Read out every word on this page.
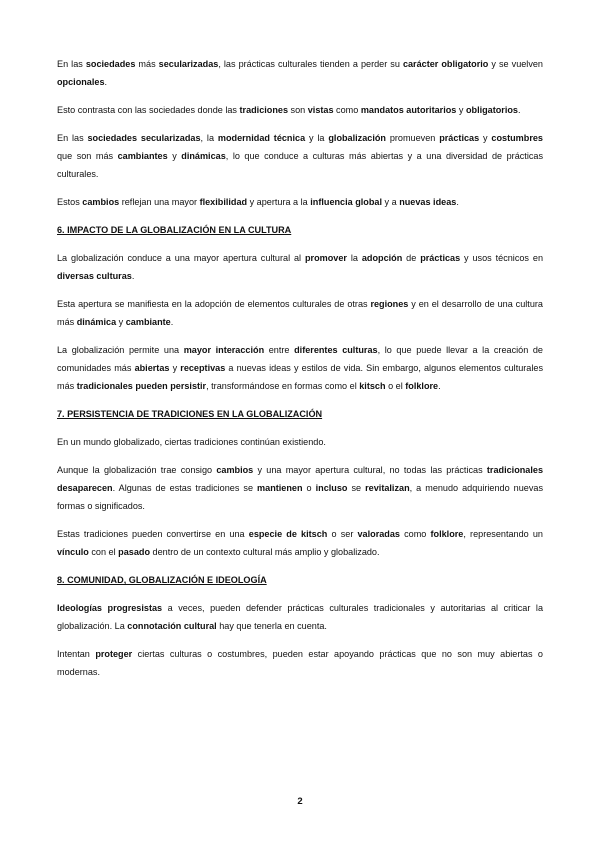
En las sociedades más secularizadas, las prácticas culturales tienden a perder su carácter obligatorio y se vuelven opcionales.

Esto contrasta con las sociedades donde las tradiciones son vistas como mandatos autoritarios y obligatorios.

En las sociedades secularizadas, la modernidad técnica y la globalización promueven prácticas y costumbres que son más cambiantes y dinámicas, lo que conduce a culturas más abiertas y a una diversidad de prácticas culturales.

Estos cambios reflejan una mayor flexibilidad y apertura a la influencia global y a nuevas ideas.

6. IMPACTO DE LA GLOBALIZACIÓN EN LA CULTURA

La globalización conduce a una mayor apertura cultural al promover la adopción de prácticas y usos técnicos en diversas culturas.

Esta apertura se manifiesta en la adopción de elementos culturales de otras regiones y en el desarrollo de una cultura más dinámica y cambiante.

La globalización permite una mayor interacción entre diferentes culturas, lo que puede llevar a la creación de comunidades más abiertas y receptivas a nuevas ideas y estilos de vida. Sin embargo, algunos elementos culturales más tradicionales pueden persistir, transformándose en formas como el kitsch o el folklore.

7. PERSISTENCIA DE TRADICIONES EN LA GLOBALIZACIÓN

En un mundo globalizado, ciertas tradiciones continúan existiendo.

Aunque la globalización trae consigo cambios y una mayor apertura cultural, no todas las prácticas tradicionales desaparecen. Algunas de estas tradiciones se mantienen o incluso se revitalizan, a menudo adquiriendo nuevas formas o significados.

Estas tradiciones pueden convertirse en una especie de kitsch o ser valoradas como folklore, representando un vínculo con el pasado dentro de un contexto cultural más amplio y globalizado.

8. COMUNIDAD, GLOBALIZACIÓN E IDEOLOGÍA

Ideologías progresistas a veces, pueden defender prácticas culturales tradicionales y autoritarias al criticar la globalización. La connotación cultural hay que tenerla en cuenta.

Intentan proteger ciertas culturas o costumbres, pueden estar apoyando prácticas que no son muy abiertas o modernas.

2
